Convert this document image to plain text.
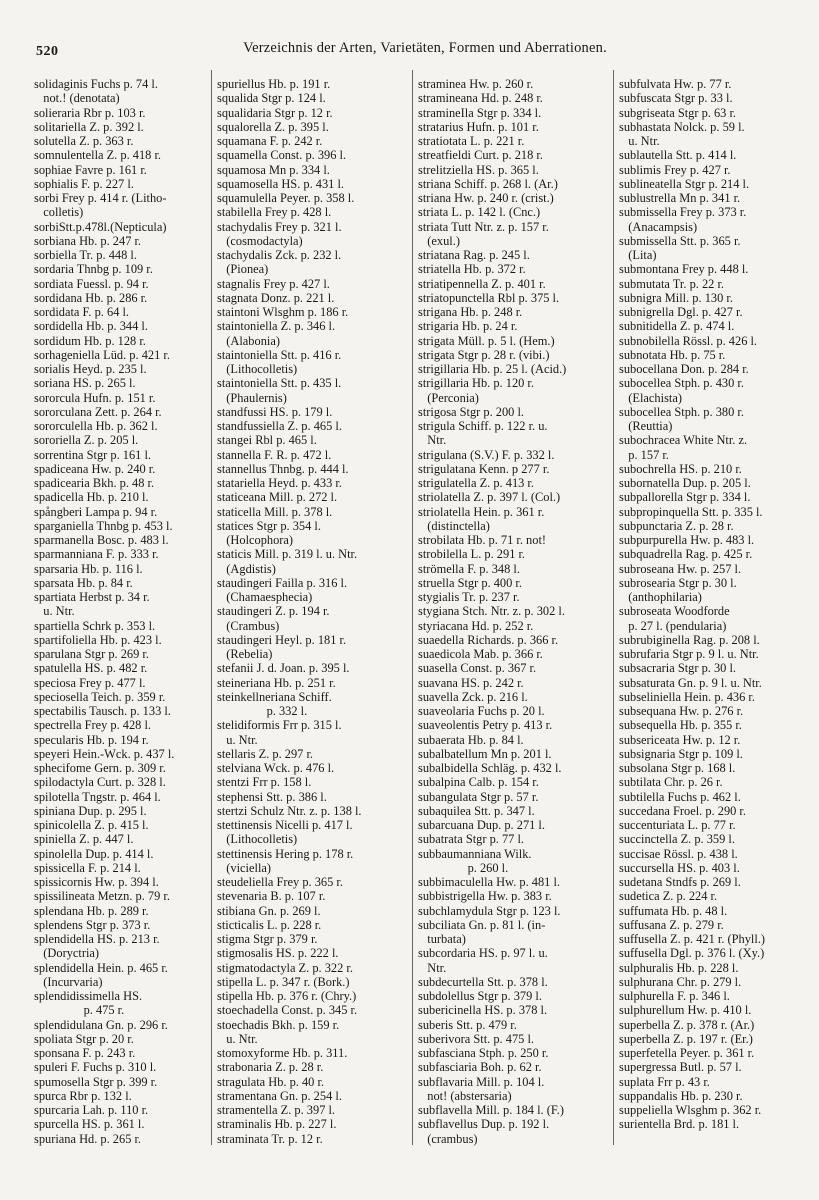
520	Verzeichnis der Arten, Varietäten, Formen und Aberrationen.
solidaginis Fuchs p. 74 l.
not.! (denotata)
solieraria Rbr p. 103 r.
solitariella Z. p. 392 l.
solutella Z. p. 363 r.
somnulentella Z. p. 418 r.
sophiae Favre p. 161 r.
sophialis F. p. 227 l.
sorbi Frey p. 414 r. (Litho-
colletis)
sorbiStt.p.478l.(Nepticula)
sorbiana Hb. p. 247 r.
sorbiella Tr. p. 448 l.
sordaria Thnbg p. 109 r.
sordiata Fuessl. p. 94 r.
sordidana Hb. p. 286 r.
sordidata F. p. 64 l.
sordidella Hb. p. 344 l.
sordidum Hb. p. 128 r.
sorhageniella Lüd. p. 421 r.
sorialis Heyd. p. 235 l.
soriana HS. p. 265 l.
sororcula Hufn. p. 151 r.
sororculana Zett. p. 264 r.
sororculella Hb. p. 362 l.
sororiella Z. p. 205 l.
sorrentina Stgr p. 161 l.
spadiceana Hw. p. 240 r.
spadicearia Bkh. p. 48 r.
spadicella Hb. p. 210 l.
spångberi Lampa p. 94 r.
sparganiella Thnbg p. 453 l.
sparmanella Bosc. p. 483 l.
sparmanniana F. p. 333 r.
sparsaria Hb. p. 116 l.
sparsata Hb. p. 84 r.
spartiata Herbst p. 34 r.
u. Ntr.
spartiella Schrk p. 353 l.
spartifoliella Hb. p. 423 l.
sparulana Stgr p. 269 r.
spatulella HS. p. 482 r.
speciosa Frey p. 477 l.
speciosella Teich. p. 359 r.
spectabilis Tausch. p. 133 l.
spectrella Frey p. 428 l.
specularis Hb. p. 194 r.
speyeri Hein.-Wck. p. 437 l.
sphecifome Gern. p. 309 r.
spilodactyla Curt. p. 328 l.
spilotella Tngstr. p. 464 l.
spiniana Dup. p. 295 l.
spinicolella Z. p. 415 l.
spiniella Z. p. 447 l.
spinolella Dup. p. 414 l.
spissicella F. p. 214 l.
spissicornis Hw. p. 394 l.
spissilineata Metzn. p. 79 r.
splendana Hb. p. 289 r.
splendens Stgr p. 373 r.
splendidella HS. p. 213 r.
(Doryctria)
splendidella Hein. p. 465 r.
(Incurvaria)
splendidissimella HS.
p. 475 r.
splendidulana Gn. p. 296 r.
spoliata Stgr p. 20 r.
sponsana F. p. 243 r.
spuleri F. Fuchs p. 310 l.
spumosella Stgr p. 399 r.
spurca Rbr p. 132 l.
spurcaria Lah. p. 110 r.
spurcella HS. p. 361 l.
spuriana Hd. p. 265 r.
spuriellus Hb. p. 191 r.
squalida Stgr p. 124 l.
squalidaria Stgr p. 12 r.
squalorella Z. p. 395 l.
squamana F. p. 242 r.
squamella Const. p. 396 l.
squamosa Mn p. 334 l.
squamosella HS. p. 431 l.
squamulella Peyer. p. 358 l.
stabilella Frey p. 428 l.
stachydalis Frey p. 321 l.
(cosmodactyla)
stachydalis Zck. p. 232 l.
(Pionea)
stagnalis Frey p. 427 l.
stagnata Donz. p. 221 l.
staintoni Wlsghm p. 186 r.
staintoniella Z. p. 346 l.
(Alabonia)
staintoniella Stt. p. 416 r.
(Lithocolletis)
staintoniella Stt. p. 435 l.
(Phaulernis)
standfussi HS. p. 179 l.
standfussiella Z. p. 465 l.
stangei Rbl p. 465 l.
stannella F. R. p. 472 l.
stannellus Thnbg. p. 444 l.
statariella Heyd. p. 433 r.
staticeana Mill. p. 272 l.
staticella Mill. p. 378 l.
statices Stgr p. 354 l.
(Holcophora)
staticis Mill. p. 319 l. u. Ntr.
(Agdistis)
staudingeri Failla p. 316 l.
(Chamaesphecia)
staudingeri Z. p. 194 r.
(Crambus)
staudingeri Heyl. p. 181 r.
(Rebelia)
stefanii J. d. Joan. p. 395 l.
steineriana Hb. p. 251 r.
steinkellneriana Schiff.
p. 332 l.
stelidiformis Frr p. 315 l.
u. Ntr.
stellaris Z. p. 297 r.
stelviana Wck. p. 476 l.
stentzi Frr p. 158 l.
stephensi Stt. p. 386 l.
stertzi Schulz Ntr. z. p. 138 l.
stettinensis Nicelli p. 417 l.
(Lithocolletis)
stettinensis Hering p. 178 r.
(viciella)
steudeliella Frey p. 365 r.
stevenaria B. p. 107 r.
stibiana Gn. p. 269 l.
sticticalis L. p. 228 r.
stigma Stgr p. 379 r.
stigmosalis HS. p. 222 l.
stigmatodactyla Z. p. 322 r.
stipella L. p. 347 r. (Bork.)
stipella Hb. p. 376 r. (Chry.)
stoechadella Const. p. 345 r.
stoechadis Bkh. p. 159 r.
u. Ntr.
stomoxyforme Hb. p. 311.
strabonaria Z. p. 28 r.
stragulata Hb. p. 40 r.
stramentana Gn. p. 254 l.
stramentella Z. p. 397 l.
straminalis Hb. p. 227 l.
straminata Tr. p. 12 r.
straminea Hw. p. 260 r.
stramineana Hd. p. 248 r.
stramineIla Stgr p. 334 l.
stratarius Hufn. p. 101 r.
stratiotata L. p. 221 r.
streatfieldi Curt. p. 218 r.
strelitziella HS. p. 365 l.
striana Schiff. p. 268 l. (Ar.)
striana Hw. p. 240 r. (crist.)
striata L. p. 142 l. (Cnc.)
striata Tutt Ntr. z. p. 157 r.
(exul.)
striatana Rag. p. 245 l.
striatella Hb. p. 372 r.
striatipennella Z. p. 401 r.
striatopunctella Rbl p. 375 l.
strigana Hb. p. 248 r.
strigaria Hb. p. 24 r.
strigata Müll. p. 5 l. (Hem.)
strigata Stgr p. 28 r. (vibi.)
strigillaria Hb. p. 25 l. (Acid.)
strigillaria Hb. p. 120 r.
(Perconia)
strigosa Stgr p. 200 l.
strigula Schiff. p. 122 r. u.
Ntr.
strigulana (S.V.) F. p. 332 l.
strigulatana Kenn. p 277 r.
strigulatella Z. p. 413 r.
striolatella Z. p. 397 l. (Col.)
striolatella Hein. p. 361 r.
(distinctella)
strobilata Hb. p. 71 r. not!
strobilella L. p. 291 r.
strömella F. p. 348 l.
struella Stgr p. 400 r.
stygialis Tr. p. 237 r.
stygiana Stch. Ntr. z. p. 302 l.
styriacana Hd. p. 252 r.
suaedella Richards. p. 366 r.
suaedicola Mab. p. 366 r.
suasella Const. p. 367 r.
suavana HS. p. 242 r.
suavella Zck. p. 216 l.
suaveolaria Fuchs p. 20 l.
suaveolentis Petry p. 413 r.
subaerata Hb. p. 84 l.
subalbatellum Mn p. 201 l.
subalbidella Schläg. p. 432 l.
subalpina Calb. p. 154 r.
subangulata Stgr p. 57 r.
subaquilea Stt. p. 347 l.
subarcuana Dup. p. 271 l.
subatrata Stgr p. 77 l.
subbaumanniana Wilk.
p. 260 l.
subbimaculella Hw. p. 481 l.
subbistrigella Hw. p. 383 r.
subchlamydula Stgr p. 123 l.
subciliata Gn. p. 81 l. (in-
turbata)
subcordaria HS. p. 97 l. u.
Ntr.
subdecurtella Stt. p. 378 l.
subdolellus Stgr p. 379 l.
subericinella HS. p. 378 l.
suberis Stt. p. 479 r.
suberivora Stt. p. 475 l.
subfasciana Stph. p. 250 r.
subfasciaria Boh. p. 62 r.
subflavaria Mill. p. 104 l.
not! (abstersaria)
subflavella Mill. p. 184 l. (F.)
subflavellus Dup. p. 192 l.
(crambus)
subfulvata Hw. p. 77 r.
subfuscata Stgr p. 33 l.
subgriseata Stgr p. 63 r.
subhastata Nolck. p. 59 l.
u. Ntr.
sublautella Stt. p. 414 l.
sublimis Frey p. 427 r.
sublineatella Stgr p. 214 l.
sublustrella Mn p. 341 r.
submissella Frey p. 373 r.
(Anacampsis)
submissella Stt. p. 365 r.
(Lita)
submontana Frey p. 448 l.
submutata Tr. p. 22 r.
subnigra Mill. p. 130 r.
subnigrella Dgl. p. 427 r.
subnitidella Z. p. 474 l.
subnobilella Rössl. p. 426 l.
subnotata Hb. p. 75 r.
subocellana Don. p. 284 r.
subocellea Stph. p. 430 r.
(Elachista)
subocellea Stph. p. 380 r.
(Reuttia)
subochracea White Ntr. z.
p. 157 r.
subochrella HS. p. 210 r.
subornatella Dup. p. 205 l.
subpallorella Stgr p. 334 l.
subpropinquella Stt. p. 335 l.
subpunctaria Z. p. 28 r.
subpurpurella Hw. p. 483 l.
subquadrella Rag. p. 425 r.
subroseana Hw. p. 257 l.
subrosearia Stgr p. 30 l.
(anthophilaria)
subroseata Woodforde
p. 27 l. (pendularia)
subrubiginella Rag. p. 208 l.
subrufaria Stgr p. 9 l. u. Ntr.
subsacraria Stgr p. 30 l.
subsaturata Gn. p. 9 l. u. Ntr.
subseliniella Hein. p. 436 r.
subsequana Hw. p. 276 r.
subsequella Hb. p. 355 r.
subsericeata Hw. p. 12 r.
subsignaria Stgr p. 109 l.
subsolana Stgr p. 168 l.
subtilata Chr. p. 26 r.
subtilella Fuchs p. 462 l.
succedana Froel. p. 290 r.
succenturiata L. p. 77 r.
succinctella Z. p. 359 l.
succisae Rössl. p. 438 l.
succursella HS. p. 403 l.
sudetana Stndfs p. 269 l.
sudetica Z. p. 224 r.
suffumata Hb. p. 48 l.
suffusana Z. p. 279 r.
suffusella Z. p. 421 r. (Phyll.)
suffusella Dgl. p. 376 l. (Xy.)
sulphuralis Hb. p. 228 l.
sulphurana Chr. p. 279 l.
sulphurella F. p. 346 l.
sulphurellum Hw. p. 410 l.
superbella Z. p. 378 r. (Ar.)
superbella Z. p. 197 r. (Er.)
superfetella Peyer. p. 361 r.
supergressa Butl. p. 57 l.
suplata Frr p. 43 r.
suppandalis Hb. p. 230 r.
suppeliella Wlsghm p. 362 r.
surientella Brd. p. 181 l.
